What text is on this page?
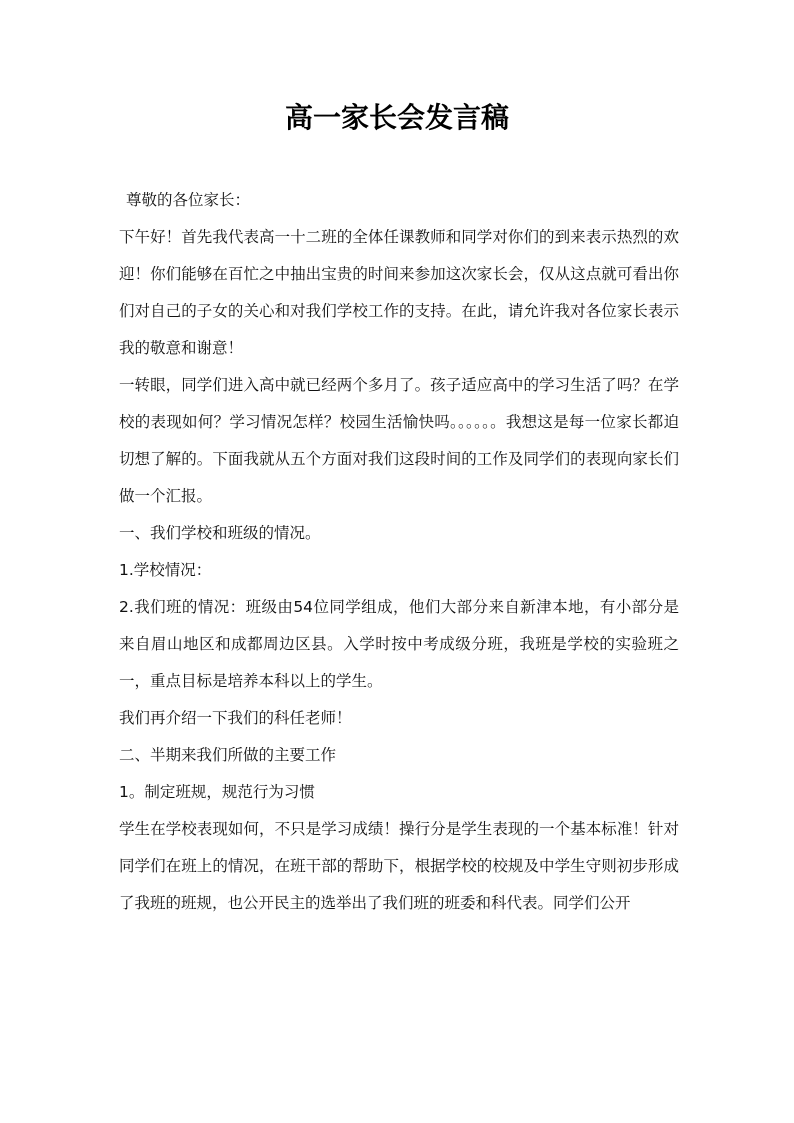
高一家长会发言稿

尊敬的各位家长：

下午好！首先我代表高一十二班的全体任课教师和同学对你们的到来表示热烈的欢迎！你们能够在百忙之中抽出宝贵的时间来参加这次家长会，仅从这点就可看出你们对自己的子女的关心和对我们学校工作的支持。在此，请允许我对各位家长表示我的敬意和谢意！

一转眼，同学们进入高中就已经两个多月了。孩子适应高中的学习生活了吗？在学校的表现如何？学习情况怎样？校园生活愉快吗。。。。。。我想这是每一位家长都迫切想了解的。下面我就从五个方面对我们这段时间的工作及同学们的表现向家长们做一个汇报。

一、我们学校和班级的情况。

1.学校情况：

2.我们班的情况：班级由54位同学组成，他们大部分来自新津本地，有小部分是来自眉山地区和成都周边区县。入学时按中考成级分班，我班是学校的实验班之一，重点目标是培养本科以上的学生。

我们再介绍一下我们的科任老师！

二、半期来我们所做的主要工作

1。制定班规，规范行为习惯

学生在学校表现如何，不只是学习成绩！操行分是学生表现的一个基本标准！针对同学们在班上的情况，在班干部的帮助下，根据学校的校规及中学生守则初步形成了我班的班规，也公开民主的选举出了我们班的班委和科代表。同学们公开
